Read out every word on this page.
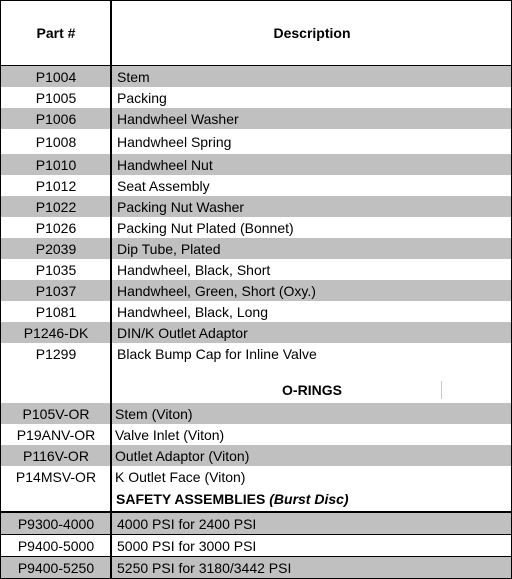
Part #	Description
P1004	Stem
P1005	Packing
P1006	Handwheel Washer
P1008	Handwheel Spring
P1010	Handwheel Nut
P1012	Seat Assembly
P1022	Packing Nut Washer
P1026	Packing Nut Plated (Bonnet)
P2039	Dip Tube, Plated
P1035	Handwheel, Black, Short
P1037	Handwheel, Green, Short (Oxy.)
P1081	Handwheel, Black, Long
P1246-DK	DIN/K Outlet Adaptor
P1299	Black Bump Cap for Inline Valve
O-RINGS
P105V-OR	Stem (Viton)
P19ANV-OR	Valve Inlet (Viton)
P116V-OR	Outlet Adaptor (Viton)
P14MSV-OR	K Outlet Face (Viton)
SAFETY ASSEMBLIES
(Burst Disc)
P9300-4000	4000 PSI for 2400 PSI
P9400-5000	5000 PSI for 3000 PSI
P9400-5250	5250 PSI for 3180/3442 PSI
